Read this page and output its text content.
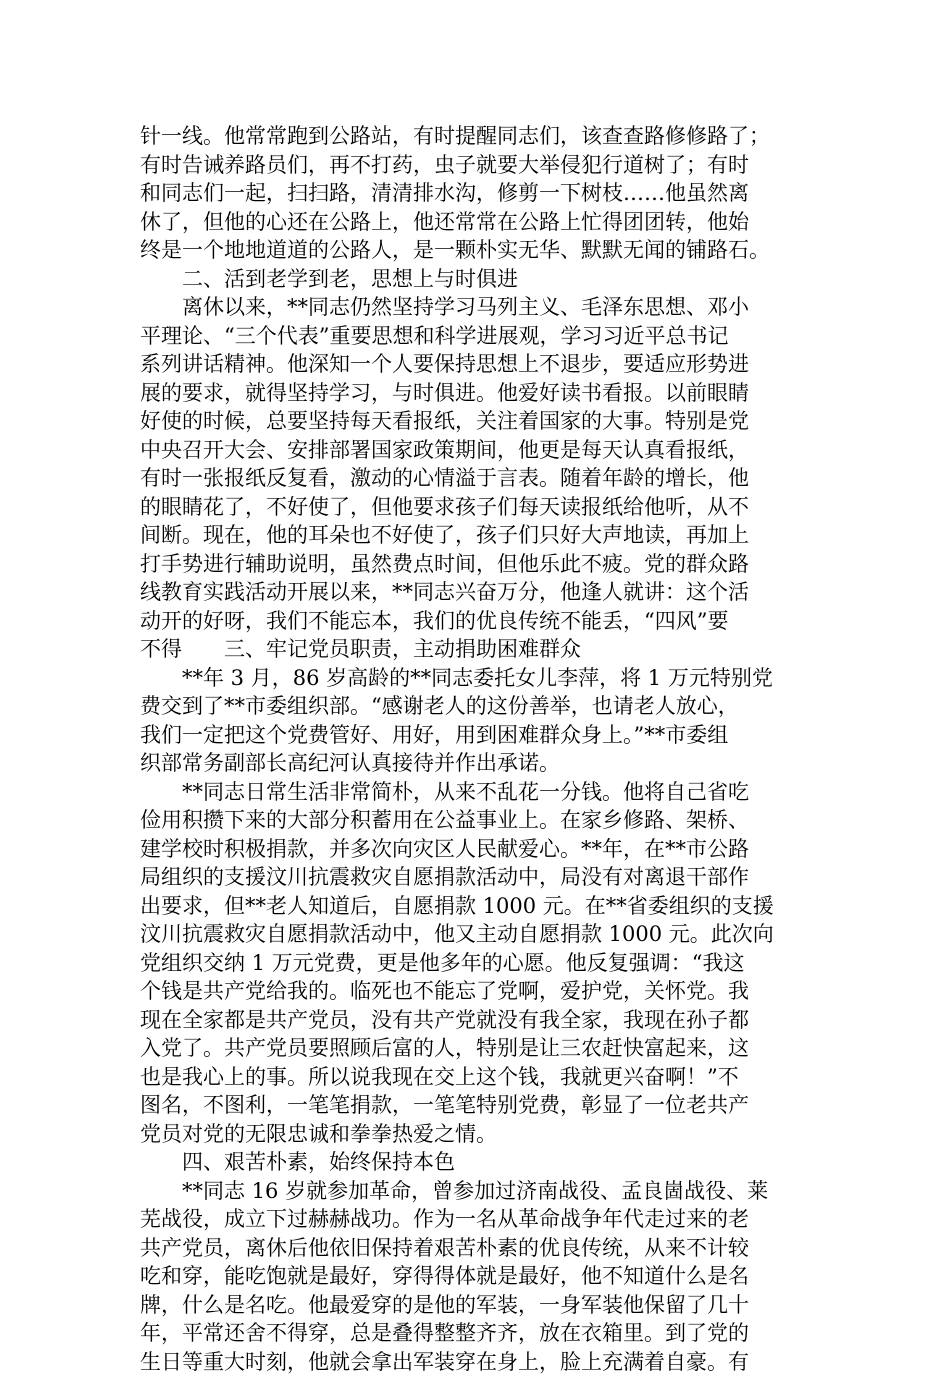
针一线。他常常跑到公路站，有时提醒同志们，该查查路修修路了；
有时告诫养路员们，再不打药，虫子就要大举侵犯行道树了；有时
和同志们一起，扫扫路，清清排水沟，修剪一下树枝……他虽然离
休了，但他的心还在公路上，他还常常在公路上忙得团团转，他始
终是一个地地道道的公路人，是一颗朴实无华、默默无闻的铺路石。
　　二、活到老学到老，思想上与时俱进
　　离休以来，**同志仍然坚持学习马列主义、毛泽东思想、邓小
平理论、“三个代表”重要思想和科学进展观，学习习近平总书记
系列讲话精神。他深知一个人要保持思想上不退步，要适应形势进
展的要求，就得坚持学习，与时俱进。他爱好读书看报。以前眼睛
好使的时候，总要坚持每天看报纸，关注着国家的大事。特别是党
中央召开大会、安排部署国家政策期间，他更是每天认真看报纸，
有时一张报纸反复看，激动的心情溢于言表。随着年龄的增长，他
的眼睛花了，不好使了，但他要求孩子们每天读报纸给他听，从不
间断。现在，他的耳朵也不好使了，孩子们只好大声地读，再加上
打手势进行辅助说明，虽然费点时间，但他乐此不疲。党的群众路
线教育实践活动开展以来，**同志兴奋万分，他逢人就讲：这个活
动开的好呀，我们不能忘本，我们的优良传统不能丢，“四风”要
不得　　三、牢记党员职责，主动捐助困难群众
　　**年 3 月，86 岁高龄的**同志委托女儿李萍，将 1 万元特别党
费交到了**市委组织部。“感谢老人的这份善举，也请老人放心，
我们一定把这个党费管好、用好，用到困难群众身上。”**市委组
织部常务副部长高纪河认真接待并作出承诺。
　　**同志日常生活非常简朴，从来不乱花一分钱。他将自己省吃
俭用积攒下来的大部分积蓄用在公益事业上。在家乡修路、架桥、
建学校时积极捐款，并多次向灾区人民献爱心。**年，在**市公路
局组织的支援汶川抗震救灾自愿捐款活动中，局没有对离退干部作
出要求，但**老人知道后，自愿捐款 1000 元。在**省委组织的支援
汶川抗震救灾自愿捐款活动中，他又主动自愿捐款 1000 元。此次向
党组织交纳 1 万元党费，更是他多年的心愿。他反复强调：“我这
个钱是共产党给我的。临死也不能忘了党啊，爱护党，关怀党。我
现在全家都是共产党员，没有共产党就没有我全家，我现在孙子都
入党了。共产党员要照顾后富的人，特别是让三农赶快富起来，这
也是我心上的事。所以说我现在交上这个钱，我就更兴奋啊！”不
图名，不图利，一笔笔捐款，一笔笔特别党费，彰显了一位老共产
党员对党的无限忠诚和拳拳热爱之情。
　　四、艰苦朴素，始终保持本色
　　**同志 16 岁就参加革命，曾参加过济南战役、孟良崮战役、莱
芜战役，成立下过赫赫战功。作为一名从革命战争年代走过来的老
共产党员，离休后他依旧保持着艰苦朴素的优良传统，从来不计较
吃和穿，能吃饱就是最好，穿得得体就是最好，他不知道什么是名
牌，什么是名吃。他最爱穿的是他的军装，一身军装他保留了几十
年，平常还舍不得穿，总是叠得整整齐齐，放在衣箱里。到了党的
生日等重大时刻，他就会拿出军装穿在身上，脸上充满着自豪。有
